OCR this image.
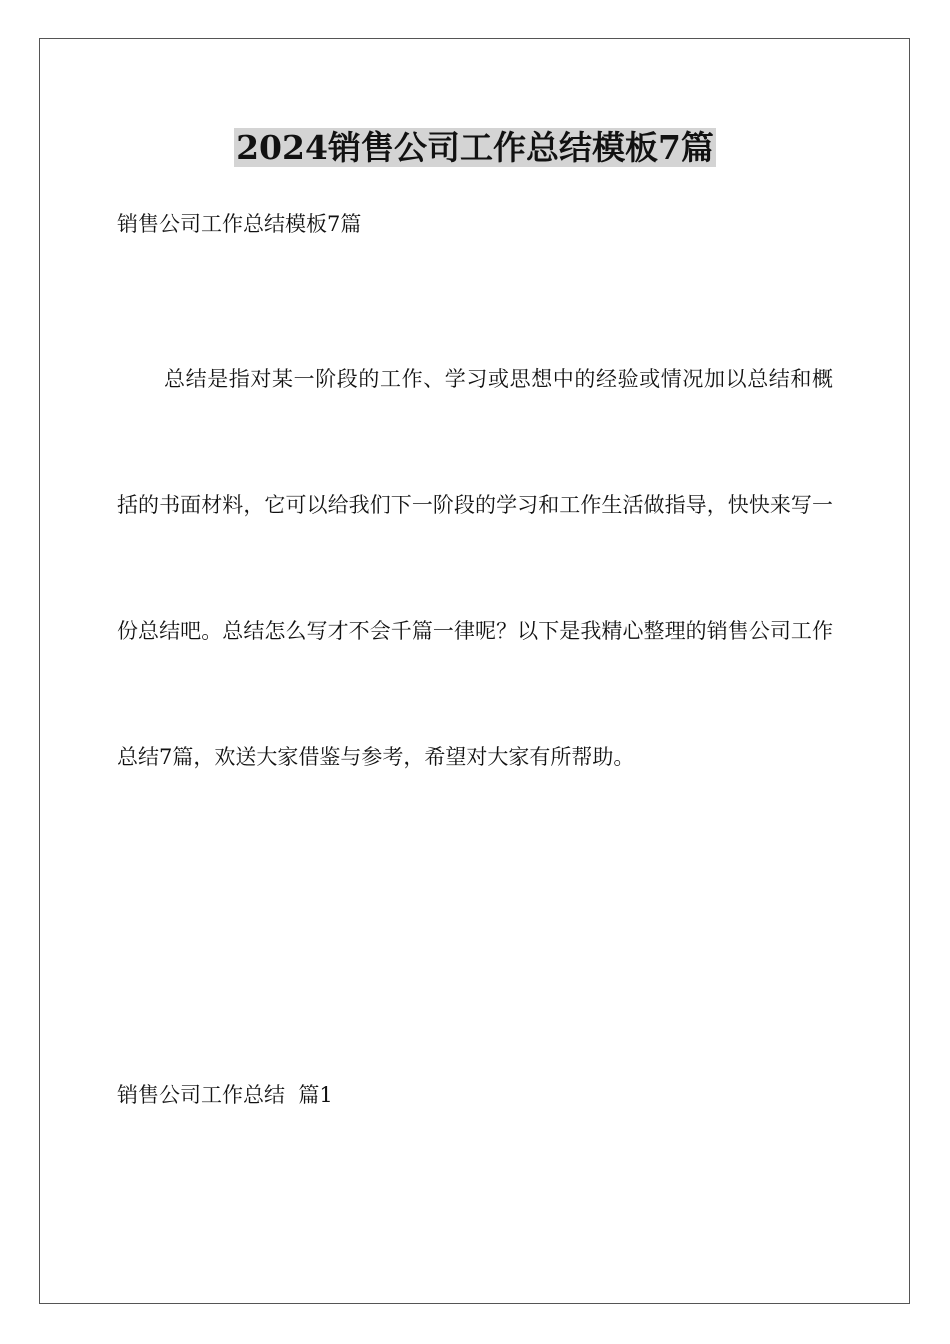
2024销售公司工作总结模板7篇
销售公司工作总结模板7篇

总结是指对某一阶段的工作、学习或思想中的经验或情况加以总结和概括的书面材料，它可以给我们下一阶段的学习和工作生活做指导，快快来写一份总结吧。总结怎么写才不会千篇一律呢？以下是我精心整理的销售公司工作总结7篇，欢送大家借鉴与参考，希望对大家有所帮助。

销售公司工作总结  篇1
